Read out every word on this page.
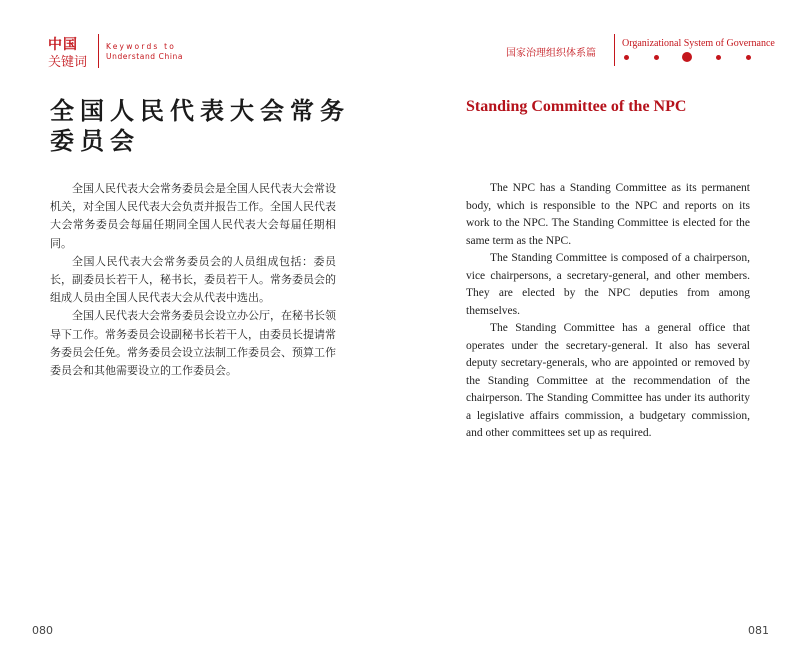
中国
关键词
Keywords to
Understand China
全国人民代表大会常务委员会

全国人民代表大会常务委员会是全国人民代表大会常设机关，对全国人民代表大会负责并报告工作。全国人民代表大会常务委员会每届任期同全国人民代表大会每届任期相同。

全国人民代表大会常务委员会的人员组成包括：委员长，副委员长若干人，秘书长，委员若干人。常务委员会的组成人员由全国人民代表大会从代表中选出。

全国人民代表大会常务委员会设立办公厅，在秘书长领导下工作。常务委员会设副秘书长若干人，由委员长提请常务委员会任免。常务委员会设立法制工作委员会、预算工作委员会和其他需要设立的工作委员会。

080
国家治理组织体系篇
Organizational System of Governance
Standing Committee of the NPC

The NPC has a Standing Committee as its permanent body, which is responsible to the NPC and reports on its work to the NPC. The Standing Committee is elected for the same term as the NPC.

The Standing Committee is composed of a chairperson, vice chairpersons, a secretary-general, and other members. They are elected by the NPC deputies from among themselves.

The Standing Committee has a general office that operates under the secretary-general. It also has several deputy secretary-generals, who are appointed or removed by the Standing Committee at the recommendation of the chairperson. The Standing Committee has under its authority a legislative affairs commission, a budgetary commission, and other committees set up as required.

081
